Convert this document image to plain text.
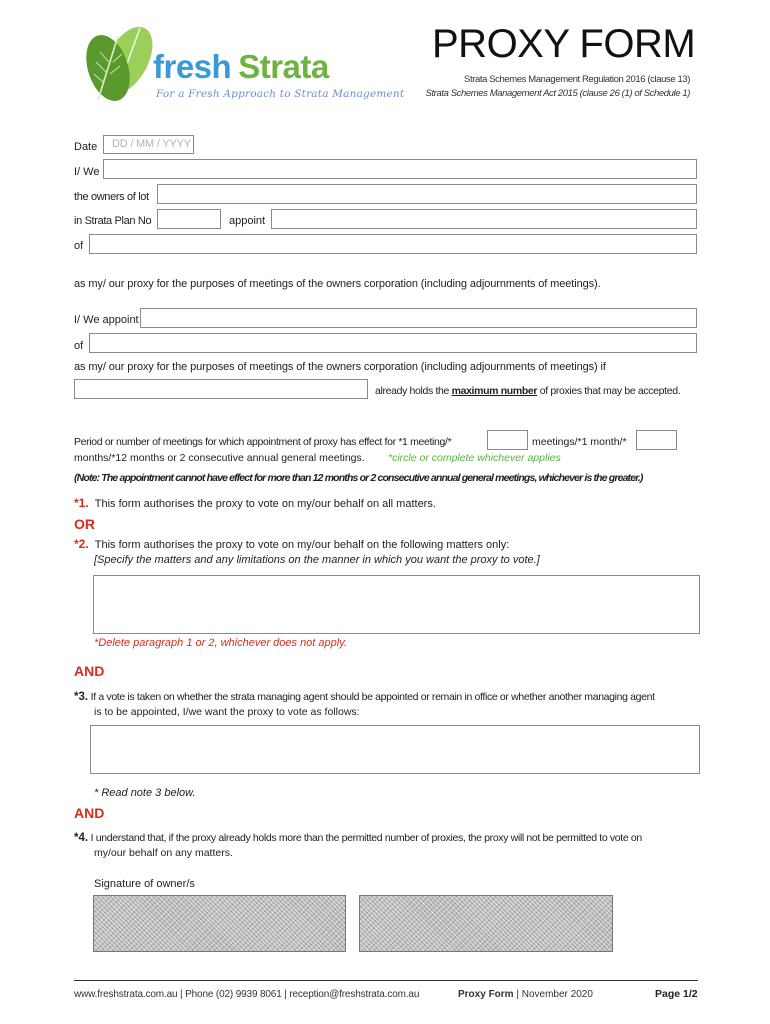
fresh Strata
For a Fresh Approach to Strata Management
PROXY FORM
Strata Schemes Management Regulation 2016 (clause 13)
Strata Schemes Management Act 2015 (clause 26 (1) of Schedule 1)
Date DD / MM / YYYY
I/ We
the owners of lot
in Strata Plan No	appoint
of
as my/ our proxy for the purposes of meetings of the owners corporation (including adjournments of meetings).
I/ We appoint
of
as my/ our proxy for the purposes of meetings of the owners corporation (including adjournments of meetings) if
already holds the maximum number of proxies that may be accepted.
Period or number of meetings for which appointment of proxy has effect for *1 meeting/*	meetings/*1 month/*
months/*12 months or 2 consecutive annual general meetings. *circle or complete whichever applies
(Note: The appointment cannot have effect for more than 12 months or 2 consecutive annual general meetings, whichever is the greater.)
*1. This form authorises the proxy to vote on my/our behalf on all matters.
OR
*2. This form authorises the proxy to vote on my/our behalf on the following matters only:
[Specify the matters and any limitations on the manner in which you want the proxy to vote.]
*Delete paragraph 1 or 2, whichever does not apply.
AND
*3. If a vote is taken on whether the strata managing agent should be appointed or remain in office or whether another managing agent
is to be appointed, I/we want the proxy to vote as follows:
* Read note 3 below.
AND
*4. I understand that, if the proxy already holds more than the permitted number of proxies, the proxy will not be permitted to vote on
my/our behalf on any matters.
Signature of owner/s
www.freshstrata.com.au | Phone (02) 9939 8061 | reception@freshstrata.com.au	Proxy Form | November 2020	Page 1/2
